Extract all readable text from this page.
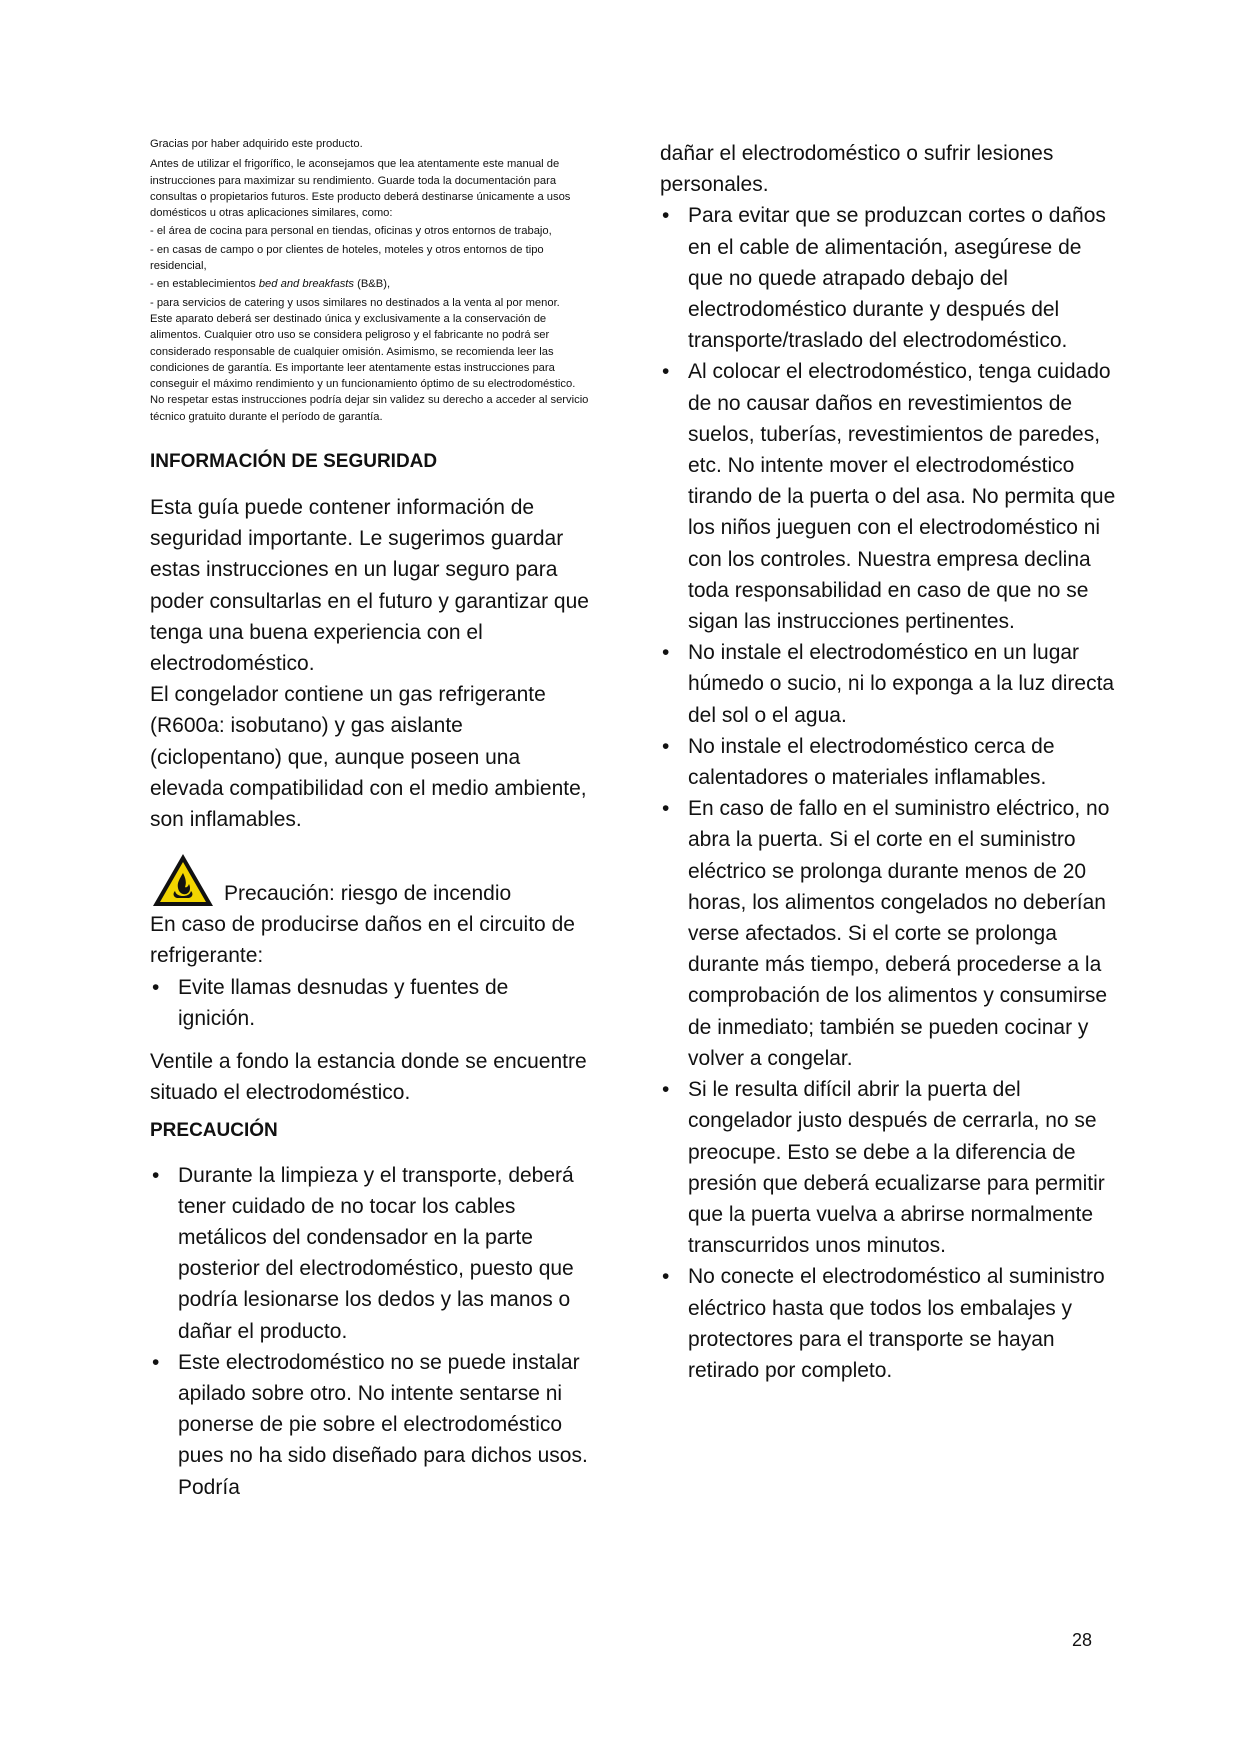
Gracias por haber adquirido este producto.

Antes de utilizar el frigorífico, le aconsejamos que lea atentamente este manual de instrucciones para maximizar su rendimiento. Guarde toda la documentación para consultas o propietarios futuros. Este producto deberá destinarse únicamente a usos domésticos u otras aplicaciones similares, como:

- el área de cocina para personal en tiendas, oficinas y otros entornos de trabajo,

- en casas de campo o por clientes de hoteles, moteles y otros entornos de tipo residencial,

- en establecimientos bed and breakfasts (B&B),

- para servicios de catering y usos similares no destinados a la venta al por menor.

Este aparato deberá ser destinado única y exclusivamente a la conservación de alimentos. Cualquier otro uso se considera peligroso y el fabricante no podrá ser considerado responsable de cualquier omisión. Asimismo, se recomienda leer las condiciones de garantía. Es importante leer atentamente estas instrucciones para conseguir el máximo rendimiento y un funcionamiento óptimo de su electrodoméstico. No respetar estas instrucciones podría dejar sin validez su derecho a acceder al servicio técnico gratuito durante el período de garantía.

INFORMACIÓN DE SEGURIDAD

Esta guía puede contener información de seguridad importante. Le sugerimos guardar estas instrucciones en un lugar seguro para poder consultarlas en el futuro y garantizar que tenga una buena experiencia con el electrodoméstico.

El congelador contiene un gas refrigerante (R600a: isobutano) y gas aislante (ciclopentano) que, aunque poseen una elevada compatibilidad con el medio ambiente, son inflamables.

Precaución: riesgo de incendio

En caso de producirse daños en el circuito de refrigerante:

• Evite llamas desnudas y fuentes de ignición.

Ventile a fondo la estancia donde se encuentre situado el electrodoméstico.

PRECAUCIÓN
• Durante la limpieza y el transporte, deberá tener cuidado de no tocar los cables metálicos del condensador en la parte posterior del electrodoméstico, puesto que podría lesionarse los dedos y las manos o dañar el producto.
• Este electrodoméstico no se puede instalar apilado sobre otro. No intente sentarse ni ponerse de pie sobre el electrodoméstico pues no ha sido diseñado para dichos usos. Podría

dañar el electrodoméstico o sufrir lesiones personales.

• Para evitar que se produzcan cortes o daños en el cable de alimentación, asegúrese de que no quede atrapado debajo del electrodoméstico durante y después del transporte/traslado del electrodoméstico.
• Al colocar el electrodoméstico, tenga cuidado de no causar daños en revestimientos de suelos, tuberías, revestimientos de paredes, etc. No intente mover el electrodoméstico tirando de la puerta o del asa. No permita que los niños jueguen con el electrodoméstico ni con los controles. Nuestra empresa declina toda responsabilidad en caso de que no se sigan las instrucciones pertinentes.
• No instale el electrodoméstico en un lugar húmedo o sucio, ni lo exponga a la luz directa del sol o el agua.
• No instale el electrodoméstico cerca de calentadores o materiales inflamables.
• En caso de fallo en el suministro eléctrico, no abra la puerta. Si el corte en el suministro eléctrico se prolonga durante menos de 20 horas, los alimentos congelados no deberían verse afectados. Si el corte se prolonga durante más tiempo, deberá procederse a la comprobación de los alimentos y consumirse de inmediato; también se pueden cocinar y volver a congelar.
• Si le resulta difícil abrir la puerta del congelador justo después de cerrarla, no se preocupe. Esto se debe a la diferencia de presión que deberá ecualizarse para permitir que la puerta vuelva a abrirse normalmente transcurridos unos minutos.
• No conecte el electrodoméstico al suministro eléctrico hasta que todos los embalajes y protectores para el transporte se hayan retirado por completo.
28
